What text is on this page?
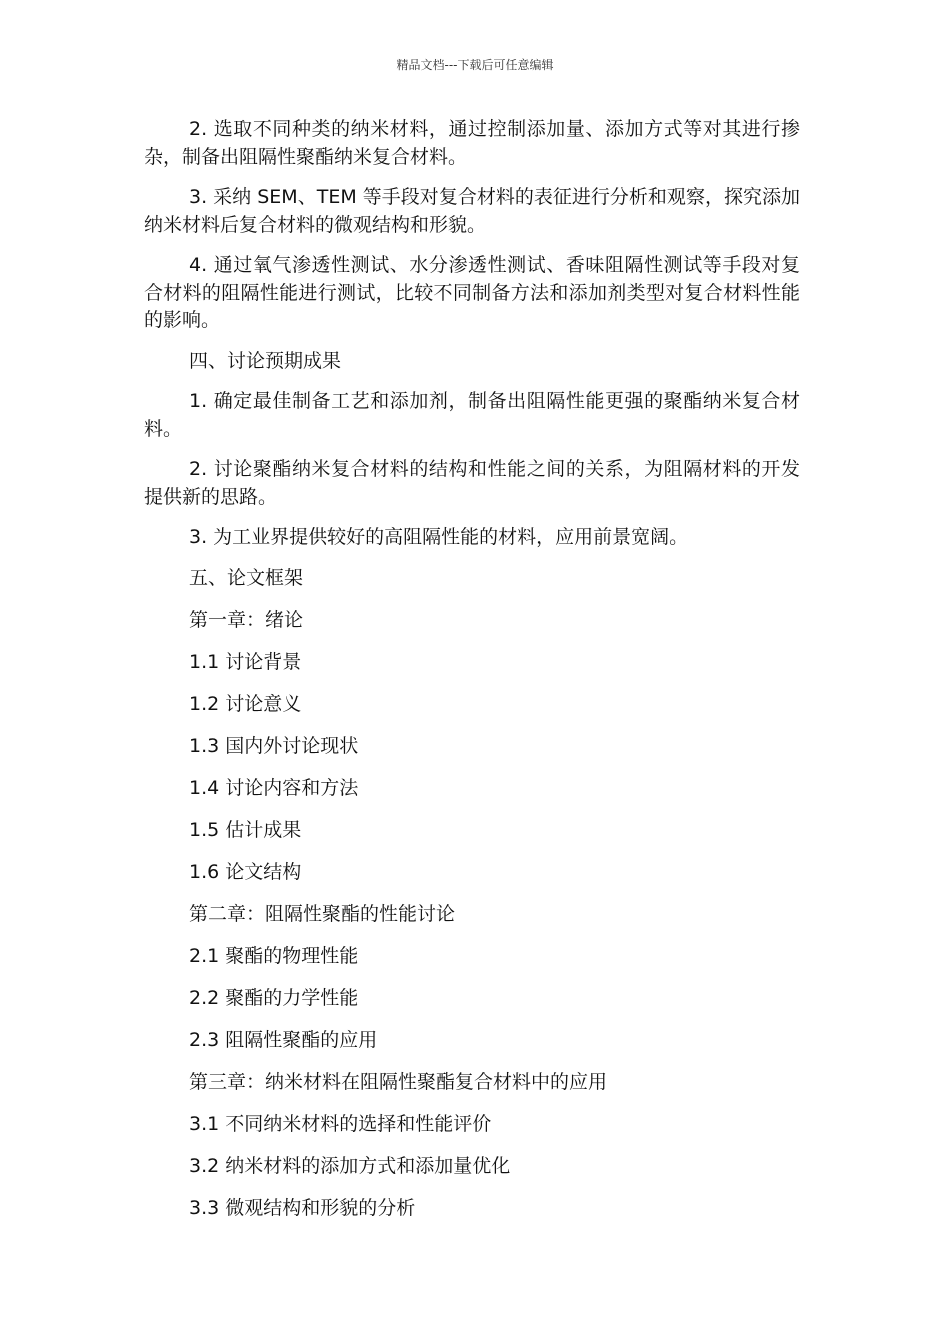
精品文档---下载后可任意编辑

2. 选取不同种类的纳米材料，通过控制添加量、添加方式等对其进行掺杂，制备出阻隔性聚酯纳米复合材料。

3. 采纳 SEM、TEM 等手段对复合材料的表征进行分析和观察，探究添加纳米材料后复合材料的微观结构和形貌。

4. 通过氧气渗透性测试、水分渗透性测试、香味阻隔性测试等手段对复合材料的阻隔性能进行测试，比较不同制备方法和添加剂类型对复合材料性能的影响。

四、讨论预期成果

1. 确定最佳制备工艺和添加剂，制备出阻隔性能更强的聚酯纳米复合材料。

2. 讨论聚酯纳米复合材料的结构和性能之间的关系，为阻隔材料的开发提供新的思路。

3. 为工业界提供较好的高阻隔性能的材料，应用前景宽阔。

五、论文框架
第一章：绪论
1.1 讨论背景
1.2 讨论意义
1.3 国内外讨论现状
1.4 讨论内容和方法
1.5 估计成果
1.6 论文结构
第二章：阻隔性聚酯的性能讨论
2.1 聚酯的物理性能
2.2 聚酯的力学性能
2.3 阻隔性聚酯的应用
第三章：纳米材料在阻隔性聚酯复合材料中的应用
3.1 不同纳米材料的选择和性能评价
3.2 纳米材料的添加方式和添加量优化
3.3 微观结构和形貌的分析
